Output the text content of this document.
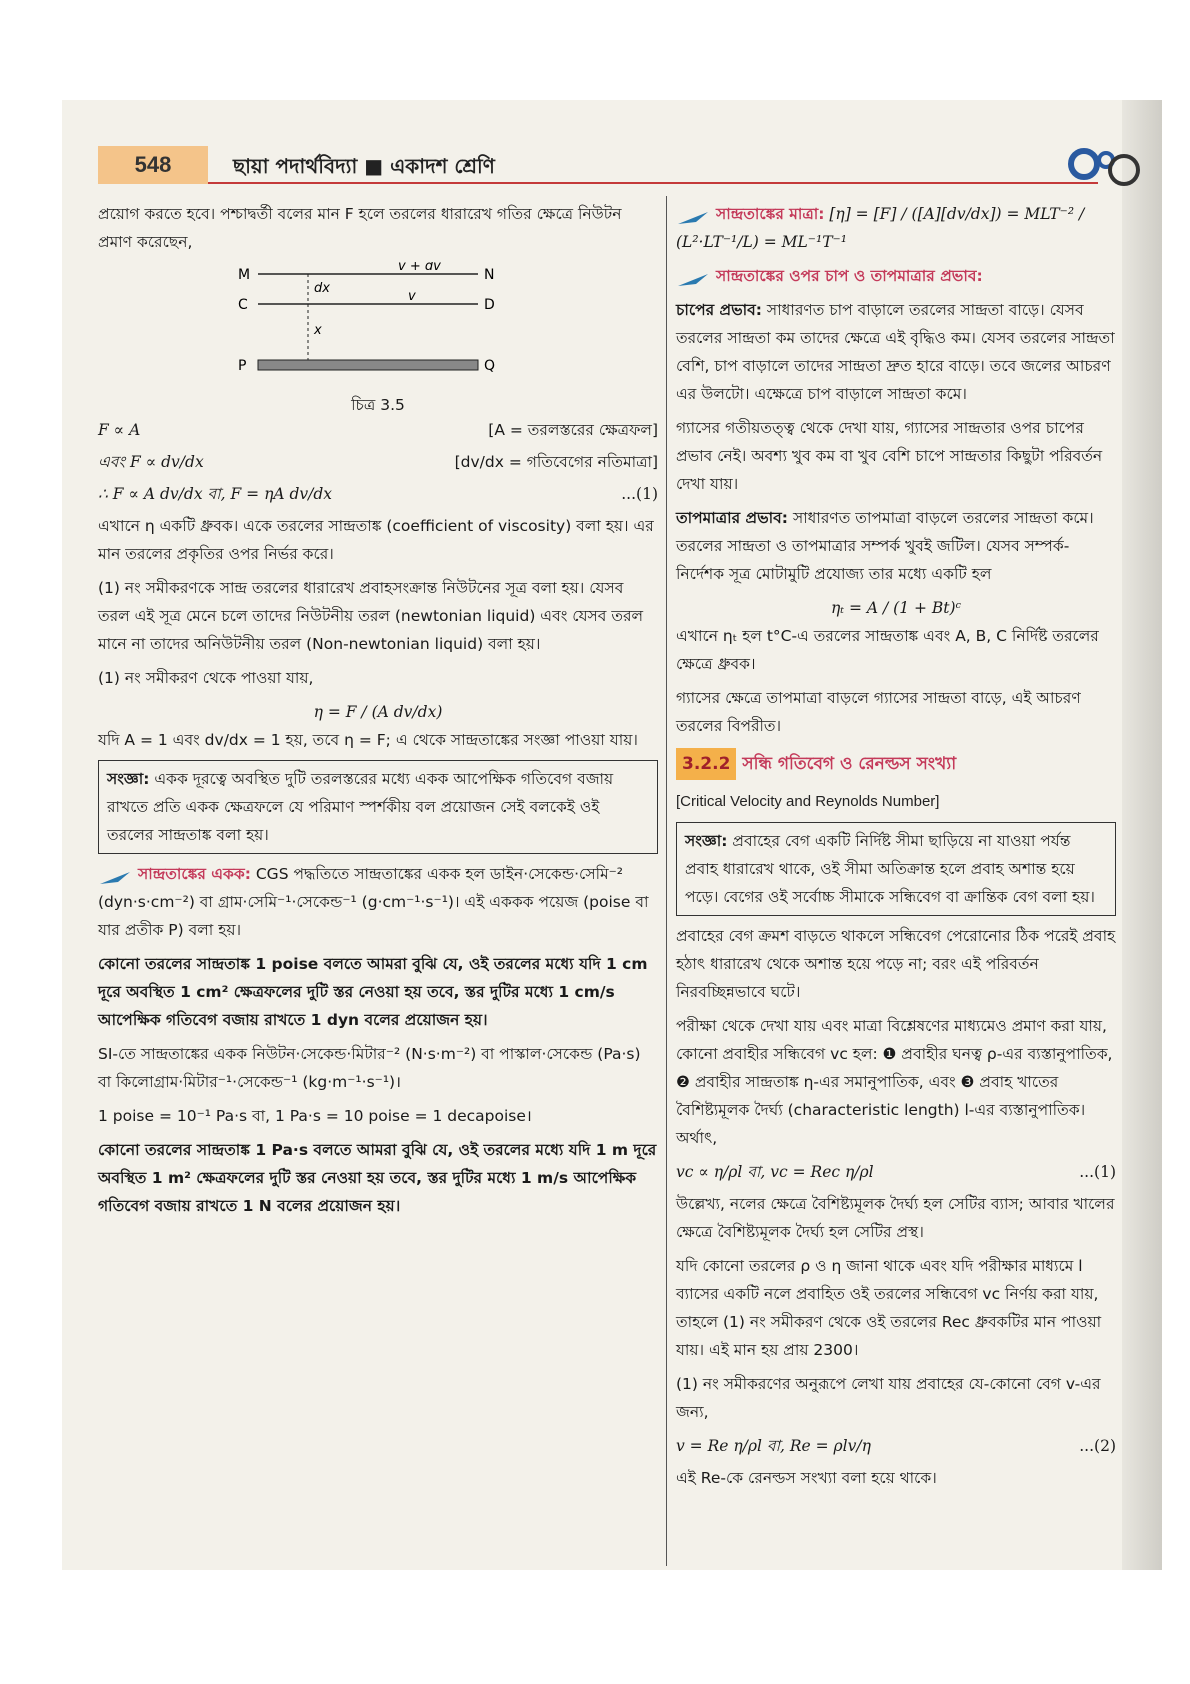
548	ছায়া পদার্থবিদ্যা ■ একাদশ শ্রেণি

প্রয়োগ করতে হবে। পশ্চাদ্বর্তী বলের মান F হলে তরলের ধারারেখ গতির ক্ষেত্রে নিউটন প্রমাণ করেছেন,

M
C
P
N
D
Q
v + dv
v
dx
x
চিত্র 3.5
F ∝ A	[A = তরলস্তরের ক্ষেত্রফল]
এবং F ∝ dv/dx	[dv/dx = গতিবেগের নতিমাত্রা]
∴ F ∝ A dv/dx বা, F = ηA dv/dx	...(1)

এখানে η একটি ধ্রুবক। একে তরলের সান্দ্রতাঙ্ক (coefficient of viscosity) বলা হয়। এর মান তরলের প্রকৃতির ওপর নির্ভর করে।

(1) নং সমীকরণকে সান্দ্র তরলের ধারারেখ প্রবাহসংক্রান্ত নিউটনের সূত্র বলা হয়। যেসব তরল এই সূত্র মেনে চলে তাদের নিউটনীয় তরল (newtonian liquid) এবং যেসব তরল মানে না তাদের অনিউটনীয় তরল (Non-newtonian liquid) বলা হয়।

(1) নং সমীকরণ থেকে পাওয়া যায়,

η = F / (A dv/dx)

যদি A = 1 এবং dv/dx = 1 হয়, তবে η = F; এ থেকে সান্দ্রতাঙ্কের সংজ্ঞা পাওয়া যায়।

সংজ্ঞা: একক দূরত্বে অবস্থিত দুটি তরলস্তরের মধ্যে একক আপেক্ষিক গতিবেগ বজায় রাখতে প্রতি একক ক্ষেত্রফলে যে পরিমাণ স্পর্শকীয় বল প্রয়োজন সেই বলকেই ওই তরলের সান্দ্রতাঙ্ক বলা হয়।

সান্দ্রতাঙ্কের একক: CGS পদ্ধতিতে সান্দ্রতাঙ্কের একক হল ডাইন·সেকেন্ড·সেমি⁻² (dyn·s·cm⁻²) বা গ্রাম·সেমি⁻¹·সেকেন্ড⁻¹ (g·cm⁻¹·s⁻¹)। এই এককক পয়েজ (poise বা যার প্রতীক P) বলা হয়।

কোনো তরলের সান্দ্রতাঙ্ক 1 poise বলতে আমরা বুঝি যে, ওই তরলের মধ্যে যদি 1 cm দূরে অবস্থিত 1 cm² ক্ষেত্রফলের দুটি স্তর নেওয়া হয় তবে, স্তর দুটির মধ্যে 1 cm/s আপেক্ষিক গতিবেগ বজায় রাখতে 1 dyn বলের প্রয়োজন হয়।

SI-তে সান্দ্রতাঙ্কের একক নিউটন·সেকেন্ড·মিটার⁻² (N·s·m⁻²) বা পাস্কাল·সেকেন্ড (Pa·s) বা কিলোগ্রাম·মিটার⁻¹·সেকেন্ড⁻¹ (kg·m⁻¹·s⁻¹)।

1 poise = 10⁻¹ Pa·s বা, 1 Pa·s = 10 poise = 1 decapoise।

কোনো তরলের সান্দ্রতাঙ্ক 1 Pa·s বলতে আমরা বুঝি যে, ওই তরলের মধ্যে যদি 1 m দূরে অবস্থিত 1 m² ক্ষেত্রফলের দুটি স্তর নেওয়া হয় তবে, স্তর দুটির মধ্যে 1 m/s আপেক্ষিক গতিবেগ বজায় রাখতে 1 N বলের প্রয়োজন হয়।

সান্দ্রতাঙ্কের মাত্রা: [η] = [F] / ([A][dv/dx]) = MLT⁻² / (L²·LT⁻¹/L) = ML⁻¹T⁻¹

সান্দ্রতাঙ্কের ওপর চাপ ও তাপমাত্রার প্রভাব:

চাপের প্রভাব: সাধারণত চাপ বাড়ালে তরলের সান্দ্রতা বাড়ে। যেসব তরলের সান্দ্রতা কম তাদের ক্ষেত্রে এই বৃদ্ধিও কম। যেসব তরলের সান্দ্রতা বেশি, চাপ বাড়ালে তাদের সান্দ্রতা দ্রুত হারে বাড়ে। তবে জলের আচরণ এর উলটো। এক্ষেত্রে চাপ বাড়ালে সান্দ্রতা কমে।

গ্যাসের গতীয়তত্ত্ব থেকে দেখা যায়, গ্যাসের সান্দ্রতার ওপর চাপের প্রভাব নেই। অবশ্য খুব কম বা খুব বেশি চাপে সান্দ্রতার কিছুটা পরিবর্তন দেখা যায়।

তাপমাত্রার প্রভাব: সাধারণত তাপমাত্রা বাড়লে তরলের সান্দ্রতা কমে। তরলের সান্দ্রতা ও তাপমাত্রার সম্পর্ক খুবই জটিল। যেসব সম্পর্ক-নির্দেশক সূত্র মোটামুটি প্রযোজ্য তার মধ্যে একটি হল

ηₜ = A / (1 + Bt)ᶜ

এখানে ηₜ হল t°C-এ তরলের সান্দ্রতাঙ্ক এবং A, B, C নির্দিষ্ট তরলের ক্ষেত্রে ধ্রুবক।

গ্যাসের ক্ষেত্রে তাপমাত্রা বাড়লে গ্যাসের সান্দ্রতা বাড়ে, এই আচরণ তরলের বিপরীত।

3.2.2 সন্ধি গতিবেগ ও রেনল্ডস সংখ্যা
[Critical Velocity and Reynolds Number]
সংজ্ঞা: প্রবাহের বেগ একটি নির্দিষ্ট সীমা ছাড়িয়ে না যাওয়া পর্যন্ত প্রবাহ ধারারেখ থাকে, ওই সীমা অতিক্রান্ত হলে প্রবাহ অশান্ত হয়ে পড়ে। বেগের ওই সর্বোচ্চ সীমাকে সন্ধিবেগ বা ক্রান্তিক বেগ বলা হয়।

প্রবাহের বেগ ক্রমশ বাড়তে থাকলে সন্ধিবেগ পেরোনোর ঠিক পরেই প্রবাহ হঠাৎ ধারারেখ থেকে অশান্ত হয়ে পড়ে না; বরং এই পরিবর্তন নিরবচ্ছিন্নভাবে ঘটে।

পরীক্ষা থেকে দেখা যায় এবং মাত্রা বিশ্লেষণের মাধ্যমেও প্রমাণ করা যায়, কোনো প্রবাহীর সন্ধিবেগ vc হল: ❶ প্রবাহীর ঘনত্ব ρ-এর ব্যস্তানুপাতিক, ❷ প্রবাহীর সান্দ্রতাঙ্ক η-এর সমানুপাতিক, এবং ❸ প্রবাহ খাতের বৈশিষ্ট্যমূলক দৈর্ঘ্য (characteristic length) l-এর ব্যস্তানুপাতিক। অর্থাৎ,

vc ∝ η/ρl বা, vc = Rec η/ρl	...(1)

উল্লেখ্য, নলের ক্ষেত্রে বৈশিষ্ট্যমূলক দৈর্ঘ্য হল সেটির ব্যাস; আবার খালের ক্ষেত্রে বৈশিষ্ট্যমূলক দৈর্ঘ্য হল সেটির প্রস্থ।

যদি কোনো তরলের ρ ও η জানা থাকে এবং যদি পরীক্ষার মাধ্যমে l ব্যাসের একটি নলে প্রবাহিত ওই তরলের সন্ধিবেগ vc নির্ণয় করা যায়, তাহলে (1) নং সমীকরণ থেকে ওই তরলের Rec ধ্রুবকটির মান পাওয়া যায়। এই মান হয় প্রায় 2300।

(1) নং সমীকরণের অনুরূপে লেখা যায় প্রবাহের যে-কোনো বেগ v-এর জন্য,

v = Re η/ρl বা, Re = ρlv/η	...(2)

এই Re-কে রেনল্ডস সংখ্যা বলা হয়ে থাকে।
